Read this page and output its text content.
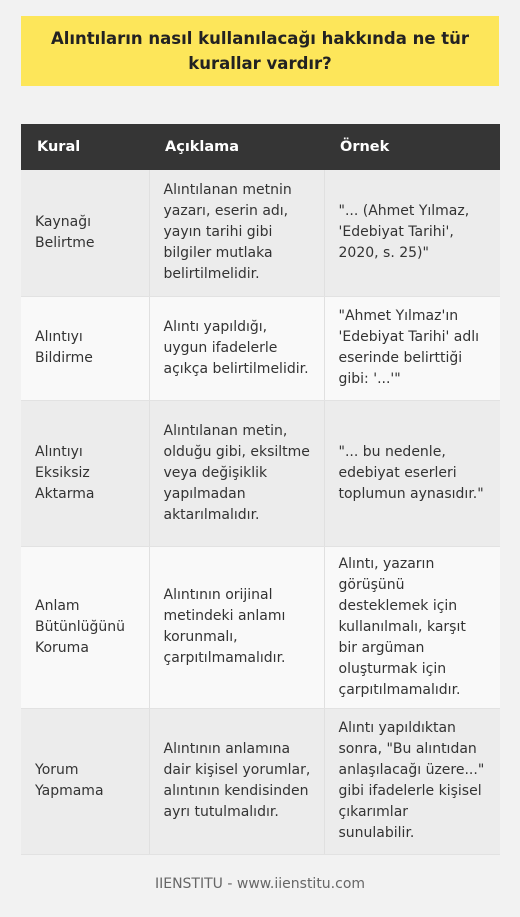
Alıntıların nasıl kullanılacağı hakkında ne tür kurallar vardır?
Kural	Açıklama	Örnek
Kaynağı Belirtme	Alıntılanan metnin yazarı, eserin adı, yayın tarihi gibi bilgiler mutlaka belirtilmelidir.	"... (Ahmet Yılmaz, 'Edebiyat Tarihi', 2020, s. 25)"
Alıntıyı Bildirme	Alıntı yapıldığı, uygun ifadelerle açıkça belirtilmelidir.	"Ahmet Yılmaz'ın 'Edebiyat Tarihi' adlı eserinde belirttiği gibi: '...'"
Alıntıyı Eksiksiz Aktarma	Alıntılanan metin, olduğu gibi, eksiltme veya değişiklik yapılmadan aktarılmalıdır.	"... bu nedenle, edebiyat eserleri toplumun aynasıdır."
Anlam Bütünlüğünü Koruma	Alıntının orijinal metindeki anlamı korunmalı, çarpıtılmamalıdır.	Alıntı, yazarın görüşünü desteklemek için kullanılmalı, karşıt bir argüman oluşturmak için çarpıtılmamalıdır.
Yorum Yapmama	Alıntının anlamına dair kişisel yorumlar, alıntının kendisinden ayrı tutulmalıdır.	Alıntı yapıldıktan sonra, "Bu alıntıdan anlaşılacağı üzere..." gibi ifadelerle kişisel çıkarımlar sunulabilir.
IIENSTITU - www.iienstitu.com
